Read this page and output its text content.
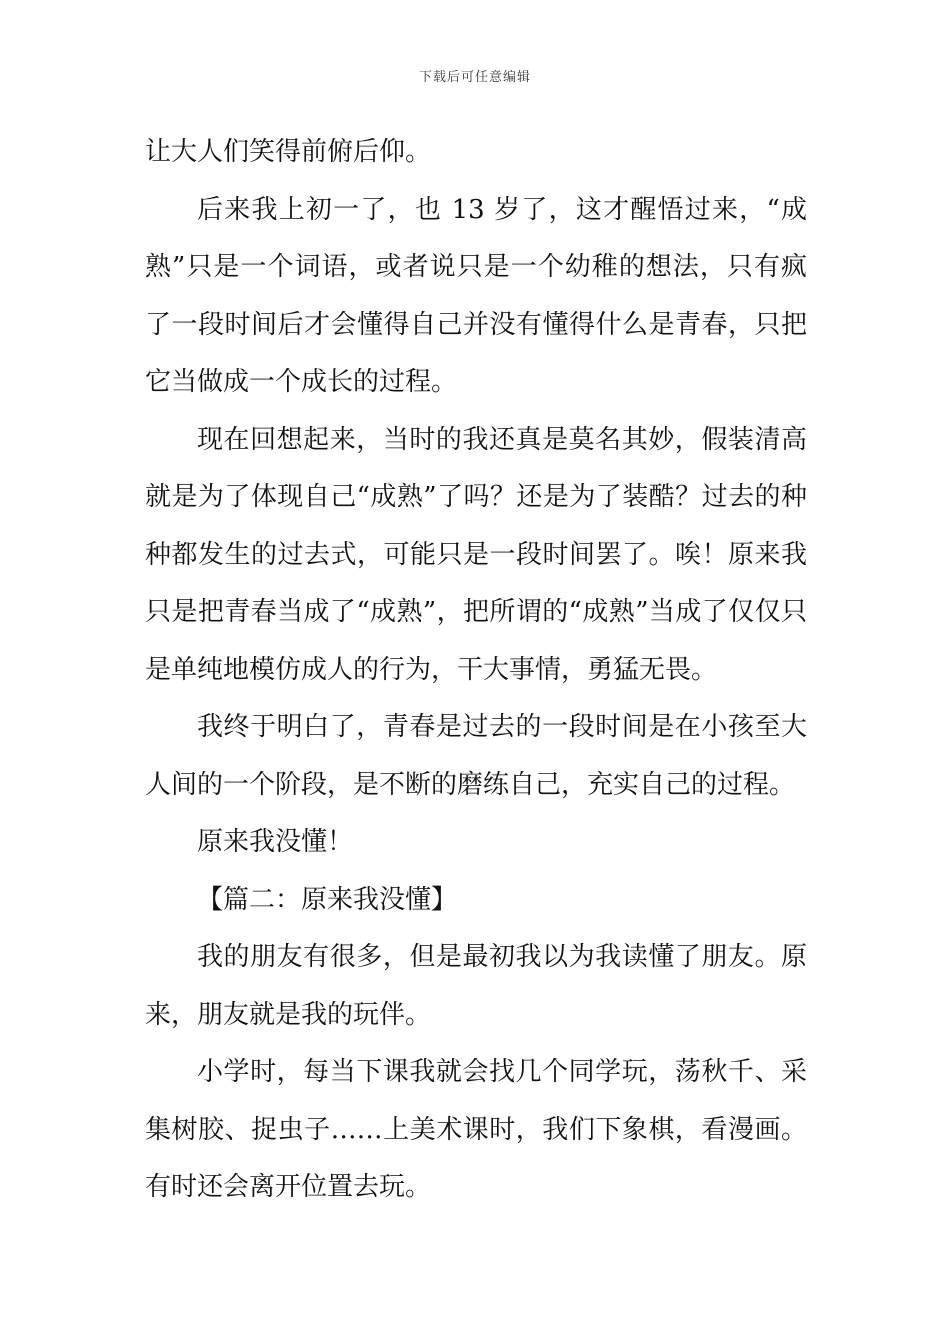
下载后可任意编辑

让大人们笑得前俯后仰。

后来我上初一了，也 13 岁了，这才醒悟过来，“成熟”只是一个词语，或者说只是一个幼稚的想法，只有疯了一段时间后才会懂得自己并没有懂得什么是青春，只把它当做成一个成长的过程。

现在回想起来，当时的我还真是莫名其妙，假装清高就是为了体现自己“成熟”了吗？还是为了装酷？过去的种种都发生的过去式，可能只是一段时间罢了。唉！原来我只是把青春当成了“成熟”，把所谓的“成熟”当成了仅仅只是单纯地模仿成人的行为，干大事情，勇猛无畏。

我终于明白了，青春是过去的一段时间是在小孩至大人间的一个阶段，是不断的磨练自己，充实自己的过程。

原来我没懂！

【篇二：原来我没懂】

我的朋友有很多，但是最初我以为我读懂了朋友。原来，朋友就是我的玩伴。

小学时，每当下课我就会找几个同学玩，荡秋千、采集树胶、捉虫子……上美术课时，我们下象棋，看漫画。有时还会离开位置去玩。
